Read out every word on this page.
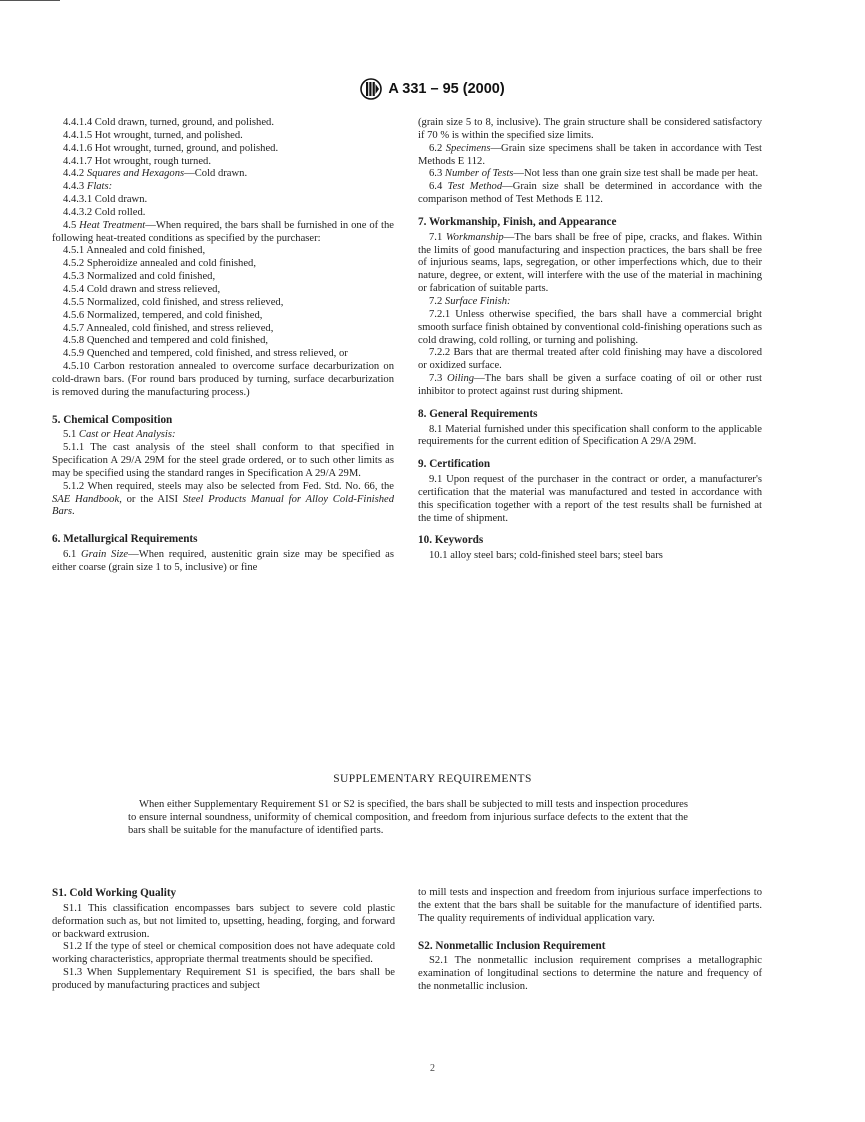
A 331 – 95 (2000)

4.4.1.4 Cold drawn, turned, ground, and polished.

4.4.1.5 Hot wrought, turned, and polished.

4.4.1.6 Hot wrought, turned, ground, and polished.

4.4.1.7 Hot wrought, rough turned.

4.4.2 Squares and Hexagons—Cold drawn.

4.4.3 Flats:

4.4.3.1 Cold drawn.

4.4.3.2 Cold rolled.

4.5 Heat Treatment—When required, the bars shall be furnished in one of the following heat-treated conditions as specified by the purchaser:

4.5.1 Annealed and cold finished,

4.5.2 Spheroidize annealed and cold finished,

4.5.3 Normalized and cold finished,

4.5.4 Cold drawn and stress relieved,

4.5.5 Normalized, cold finished, and stress relieved,

4.5.6 Normalized, tempered, and cold finished,

4.5.7 Annealed, cold finished, and stress relieved,

4.5.8 Quenched and tempered and cold finished,

4.5.9 Quenched and tempered, cold finished, and stress relieved, or

4.5.10 Carbon restoration annealed to overcome surface decarburization on cold-drawn bars. (For round bars produced by turning, surface decarburization is removed during the manufacturing process.)

5. Chemical Composition

5.1 Cast or Heat Analysis:

5.1.1 The cast analysis of the steel shall conform to that specified in Specification A 29/A 29M for the steel grade ordered, or to such other limits as may be specified using the standard ranges in Specification A 29/A 29M.

5.1.2 When required, steels may also be selected from Fed. Std. No. 66, the SAE Handbook, or the AISI Steel Products Manual for Alloy Cold-Finished Bars.

6. Metallurgical Requirements

6.1 Grain Size—When required, austenitic grain size may be specified as either coarse (grain size 1 to 5, inclusive) or fine

(grain size 5 to 8, inclusive). The grain structure shall be considered satisfactory if 70 % is within the specified size limits.

6.2 Specimens—Grain size specimens shall be taken in accordance with Test Methods E 112.

6.3 Number of Tests—Not less than one grain size test shall be made per heat.

6.4 Test Method—Grain size shall be determined in accordance with the comparison method of Test Methods E 112.

7. Workmanship, Finish, and Appearance

7.1 Workmanship—The bars shall be free of pipe, cracks, and flakes. Within the limits of good manufacturing and inspection practices, the bars shall be free of injurious seams, laps, segregation, or other imperfections which, due to their nature, degree, or extent, will interfere with the use of the material in machining or fabrication of suitable parts.

7.2 Surface Finish:

7.2.1 Unless otherwise specified, the bars shall have a commercial bright smooth surface finish obtained by conventional cold-finishing operations such as cold drawing, cold rolling, or turning and polishing.

7.2.2 Bars that are thermal treated after cold finishing may have a discolored or oxidized surface.

7.3 Oiling—The bars shall be given a surface coating of oil or other rust inhibitor to protect against rust during shipment.

8. General Requirements

8.1 Material furnished under this specification shall conform to the applicable requirements for the current edition of Specification A 29/A 29M.

9. Certification

9.1 Upon request of the purchaser in the contract or order, a manufacturer's certification that the material was manufactured and tested in accordance with this specification together with a report of the test results shall be furnished at the time of shipment.

10. Keywords

10.1 alloy steel bars; cold-finished steel bars; steel bars

SUPPLEMENTARY REQUIREMENTS

When either Supplementary Requirement S1 or S2 is specified, the bars shall be subjected to mill tests and inspection procedures to ensure internal soundness, uniformity of chemical composition, and freedom from injurious surface defects to the extent that the bars shall be suitable for the manufacture of identified parts.

S1. Cold Working Quality

S1.1 This classification encompasses bars subject to severe cold plastic deformation such as, but not limited to, upsetting, heading, forging, and forward or backward extrusion.

S1.2 If the type of steel or chemical composition does not have adequate cold working characteristics, appropriate thermal treatments should be specified.

S1.3 When Supplementary Requirement S1 is specified, the bars shall be produced by manufacturing practices and subject

to mill tests and inspection and freedom from injurious surface imperfections to the extent that the bars shall be suitable for the manufacture of identified parts. The quality requirements of individual application vary.

S2. Nonmetallic Inclusion Requirement

S2.1 The nonmetallic inclusion requirement comprises a metallographic examination of longitudinal sections to determine the nature and frequency of the nonmetallic inclusion.

2
